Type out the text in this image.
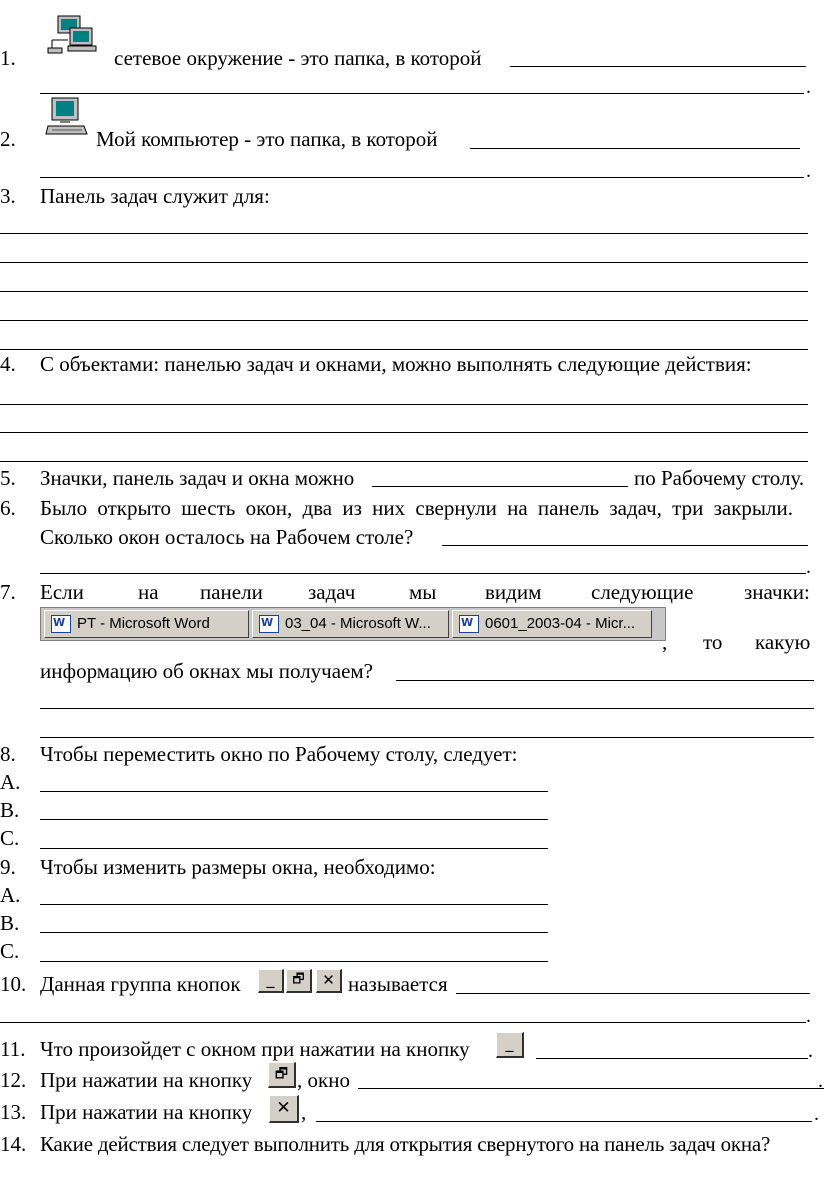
1.	сетевое окружение - это папка, в которой
.
2.	Мой компьютер - это папка, в которой
.
3. Панель задач служит для:
4. С объектами: панелью задач и окнами, можно выполнять следующие действия:
5. Значки, панель задач и окна можно	по Рабочему столу.
6. Было открыто шесть окон, два из них свернули на панель задач, три закрыли.
Сколько окон осталось на Рабочем столе?
.
7. Если	на панели задач	мы видим следующие значки:
W
PT - Microsoft Word W	03_04 - Microsoft W... W	0601_2003-04 - Micr...
, то какую
информацию об окнах мы получаем?
8. Чтобы переместить окно по Рабочему столу, следует:
A.
B.
C.
9. Чтобы изменить размеры окна, необходимо:
A.
B.
C.
10. Данная группа кнопок	_	🗗	✕ называется
.
11. Что произойдет с окном при нажатии на кнопку	_	.
12. При нажатии на кнопку	🗗 , окно	.
13. При нажатии на кнопку	✕ ,	.
14. Какие действия следует выполнить для открытия свернутого на панель задач окна?
